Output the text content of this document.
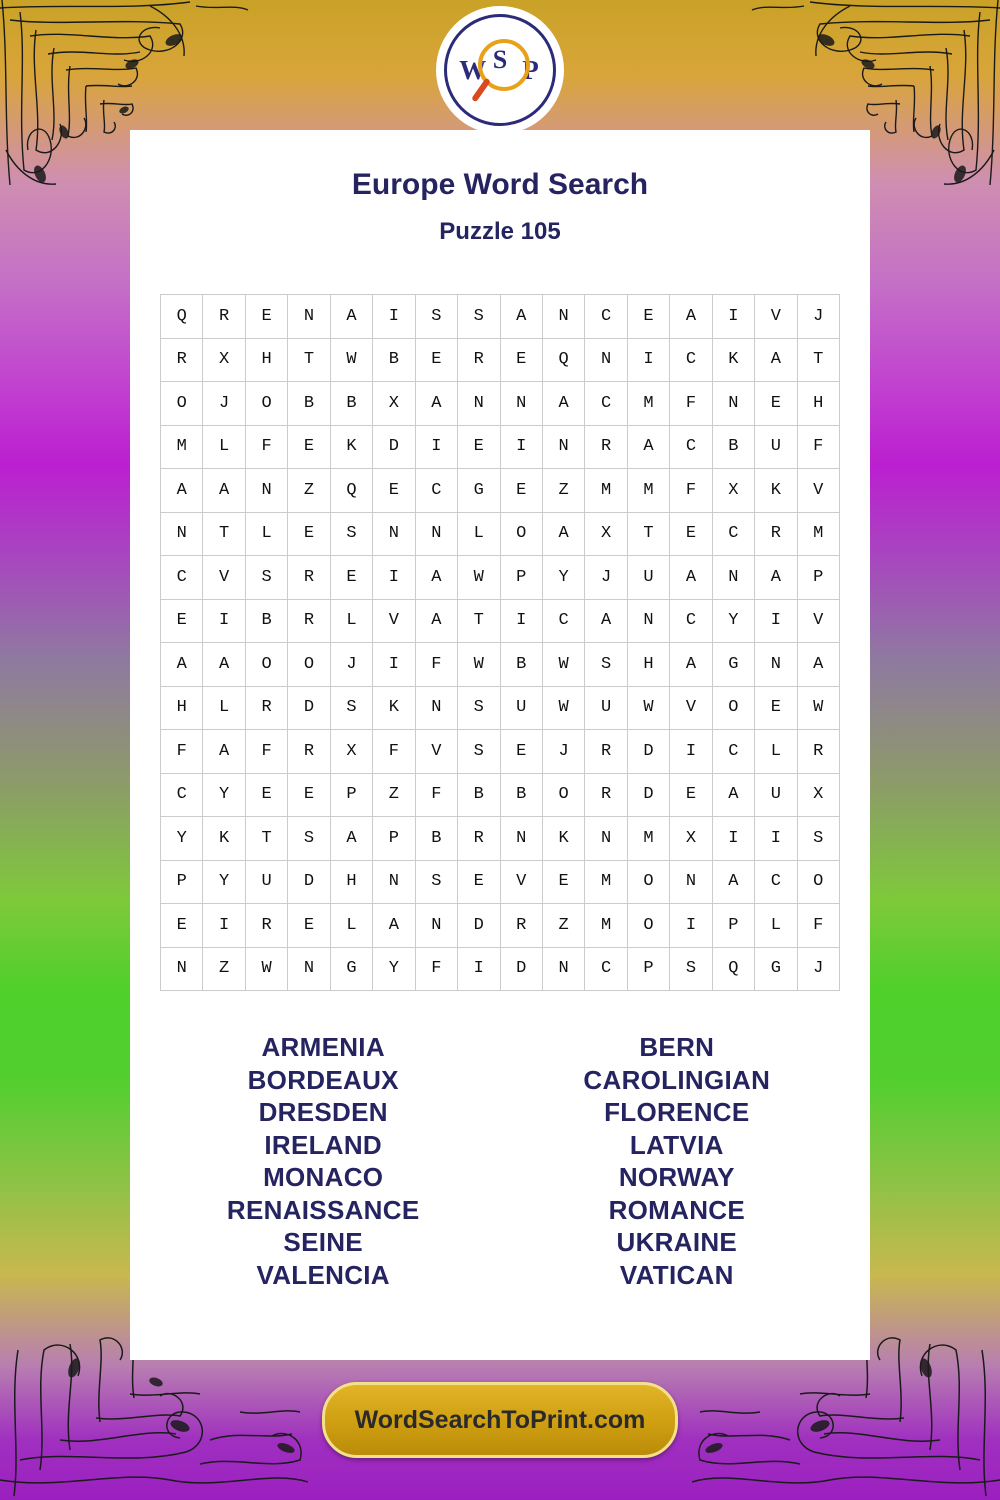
W P
S
Europe Word Search
Puzzle 105
Q	R	E	N	A	I	S	S	A	N	C	E	A	I	V	J
R	X	H	T	W	B	E	R	E	Q	N	I	C	K	A	T
O	J	O	B	B	X	A	N	N	A	C	M	F	N	E	H
M	L	F	E	K	D	I	E	I	N	R	A	C	B	U	F
A	A	N	Z	Q	E	C	G	E	Z	M	M	F	X	K	V
N	T	L	E	S	N	N	L	O	A	X	T	E	C	R	M
C	V	S	R	E	I	A	W	P	Y	J	U	A	N	A	P
E	I	B	R	L	V	A	T	I	C	A	N	C	Y	I	V
A	A	O	O	J	I	F	W	B	W	S	H	A	G	N	A
H	L	R	D	S	K	N	S	U	W	U	W	V	O	E	W
F	A	F	R	X	F	V	S	E	J	R	D	I	C	L	R
C	Y	E	E	P	Z	F	B	B	O	R	D	E	A	U	X
Y	K	T	S	A	P	B	R	N	K	N	M	X	I	I	S
P	Y	U	D	H	N	S	E	V	E	M	O	N	A	C	O
E	I	R	E	L	A	N	D	R	Z	M	O	I	P	L	F
N	Z	W	N	G	Y	F	I	D	N	C	P	S	Q	G	J
ARMENIA
BORDEAUX
DRESDEN
IRELAND
MONACO
RENAISSANCE
SEINE
VALENCIA
BERN
CAROLINGIAN
FLORENCE
LATVIA
NORWAY
ROMANCE
UKRAINE
VATICAN
WordSearchToPrint.com
